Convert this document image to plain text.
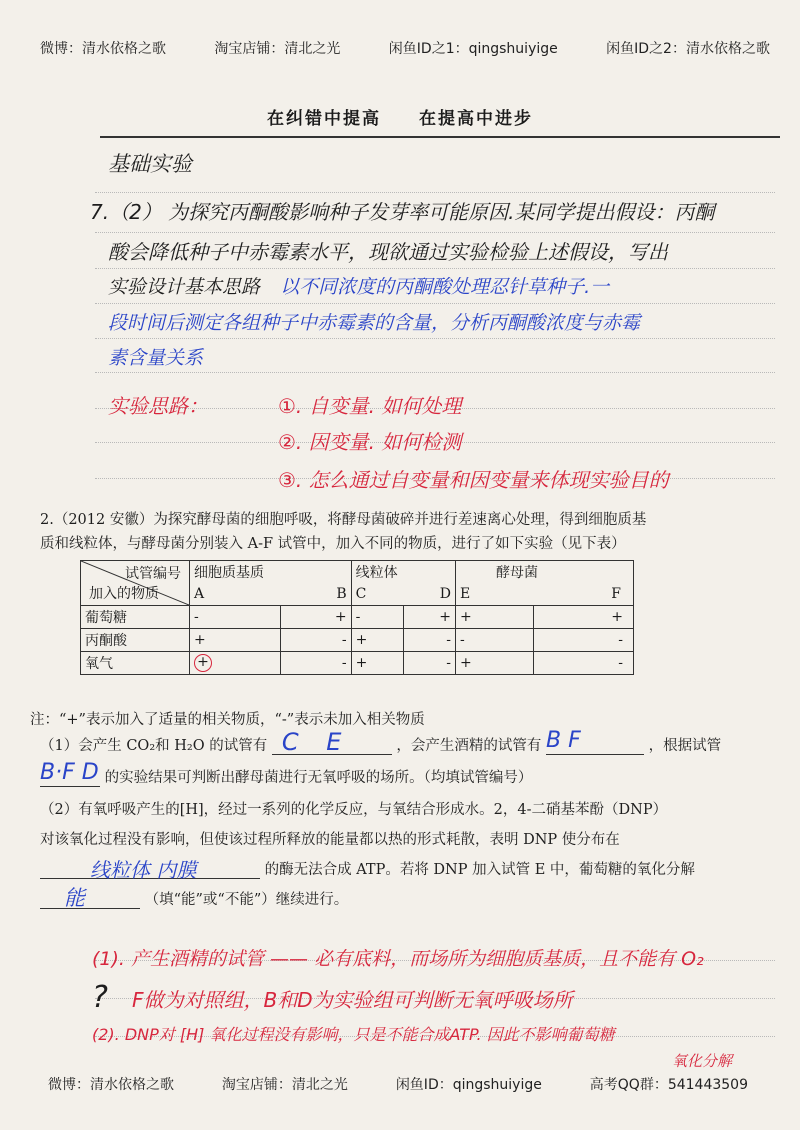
微博：清水依格之歌	淘宝店铺：清北之光	闲鱼ID之1：qingshuiyige	闲鱼ID之2：清水依格之歌
在纠错中提高　　在提高中进步
基础实验
7.（2） 为探究丙酮酸影响种子发芽率可能原因.某同学提出假设：丙酮
酸会降低种子中赤霉素水平，现欲通过实验检验上述假设，写出
实验设计基本思路 以不同浓度的丙酮酸处理忍针草种子.一
段时间后测定各组种子中赤霉素的含量，分析丙酮酸浓度与赤霉
素含量关系
实验思路：	①. 自变量. 如何处理
②. 因变量. 如何检测
③. 怎么通过自变量和因变量来体现实验目的
2.（2012 安徽）为探究酵母菌的细胞呼吸，将酵母菌破碎并进行差速离心处理，得到细胞质基
质和线粒体，与酵母菌分别装入 A-F 试管中，加入不同的物质，进行了如下实验（见下表）
试管编号
加入的物质	细胞质基质		线粒体		酵母菌	
	A	B	C	D	E	F
葡萄糖	-	+	-	+	+	+
丙酮酸	+	-	+	-	-	-
氧气	+	-	+	-	+	-
注：“+”表示加入了适量的相关物质，“-”表示未加入相关物质
（1）会产生 CO₂和 H₂O 的试管有 C E	，会产生酒精的试管有 B F	，根据试管
B·F D 的实验结果可判断出酵母菌进行无氧呼吸的场所。（均填试管编号）
（2）有氧呼吸产生的[H]，经过一系列的化学反应，与氧结合形成水。2，4-二硝基苯酚（DNP）
对该氧化过程没有影响，但使该过程所释放的能量都以热的形式耗散，表明 DNP 使分布在
线粒体 内膜	的酶无法合成 ATP。若将 DNP 加入试管 E 中，葡萄糖的氧化分解
能	（填“能”或“不能”）继续进行。
(1). 产生酒精的试管 —— 必有底料，而场所为细胞质基质，且不能有 O₂
? F做为对照组，B和D为实验组可判断无氧呼吸场所
(2). DNP对 [H] 氧化过程没有影响，只是不能合成ATP. 因此不影响葡萄糖
氧化分解
微博：清水依格之歌	淘宝店铺：清北之光	闲鱼ID：qingshuiyige	高考QQ群：541443509
